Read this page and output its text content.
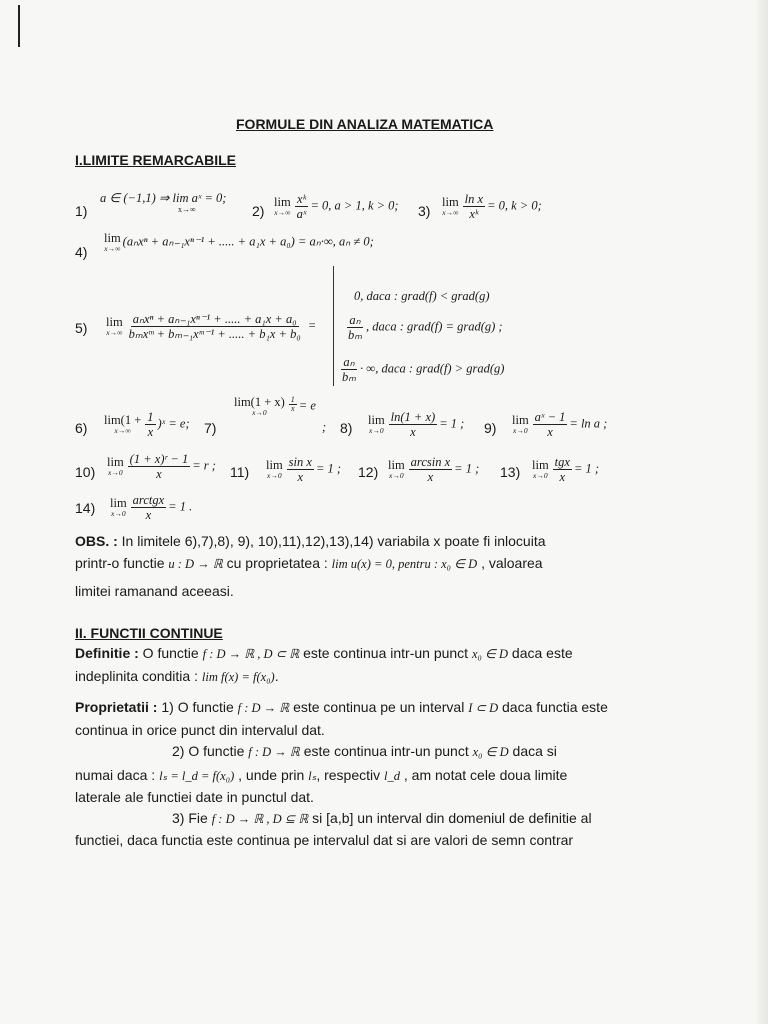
FORMULE DIN ANALIZA MATEMATICA
I.LIMITE REMARCABILE
1)
a ∈ (−1,1) ⇒ lim aˣ = 0;
x→∞	2)
lim
$x\to\infty \frac{\text{xᵏ}}{\text{aˣ}} = 0$, a > 1, k > 0; 3)
lim
$x\to\infty \frac{\text{ln x}}{\text{xᵏ}} = 0$, k > 0;
4)
lim
x→∞
(aₙxⁿ + aₙ₋₁xⁿ⁻¹ + ..... + a₁x + a₀) = aₙ·∞, aₙ ≠ 0;
5) lim
$x\to\infty \frac{\text{aₙxⁿ + aₙ₋₁xⁿ⁻¹ + ..... + a₁x + a₀}}{\text{bₘxᵐ + bₘ₋₁xᵐ⁻¹ + ..... + b₁x + b₀}}$ =
0, daca : grad(f) < grad(g)
$\frac{\text{aₙ}}{\text{bₘ}}$ , daca : grad(f) = grad(g) ;
$\frac{\text{aₙ}}{\text{bₘ}}$ · ∞, daca : grad(f) > grad(g)
6) lim(1 +
$x\to\infty \frac{1}{x}$ )ˣ = e; 7)
lim(1 + x)
x→0	$\frac{1}{x} = e$
; 8) lim
$x\to 0 \frac{\ln(1 + x)}{x} = 1$ ; 9) lim
$x\to 0 \frac{\text{aˣ − 1}}{x} = \ln a$ ;
10)
lim
$x\to 0 \frac{\text{(1 + x)ʳ − 1}}{x} = r$ ; 11) lim
$x\to 0 \frac{\text{sin x}}{x} = 1$ ; 12) lim
$x\to 0 \frac{\text{arcsin x}}{x} = 1$ ; 13) lim
$x\to 0 \frac{\text{tgx}}{x} = 1$ ;
14) lim
$x\to 0 \frac{\text{arctgx}}{x} = 1$ .
OBS. : In limitele 6),7),8), 9), 10),11),12),13),14) variabila x poate fi inlocuita
printr-o functie u : D → ℝ cu proprietatea : lim u(x) = 0, pentru : x₀ ∈ D , valoarea
limitei ramanand aceeasi.
II. FUNCTII CONTINUE
Definitie : O functie f : D → ℝ , D ⊂ ℝ este continua intr-un punct x₀ ∈ D daca este
indeplinita conditia : lim f(x) = f(x₀).
Proprietatii : 1) O functie f : D → ℝ este continua pe un interval I ⊂ D daca functia este
continua in orice punct din intervalul dat.
2) O functie f : D → ℝ este continua intr-un punct x₀ ∈ D daca si
numai daca : lₛ = l_d = f(x₀) , unde prin lₛ, respectiv l_d , am notat cele doua limite
laterale ale functiei date in punctul dat.
3) Fie f : D → ℝ , D ⊆ ℝ si [a,b] un interval din domeniul de definitie al
functiei, daca functia este continua pe intervalul dat si are valori de semn contrar
